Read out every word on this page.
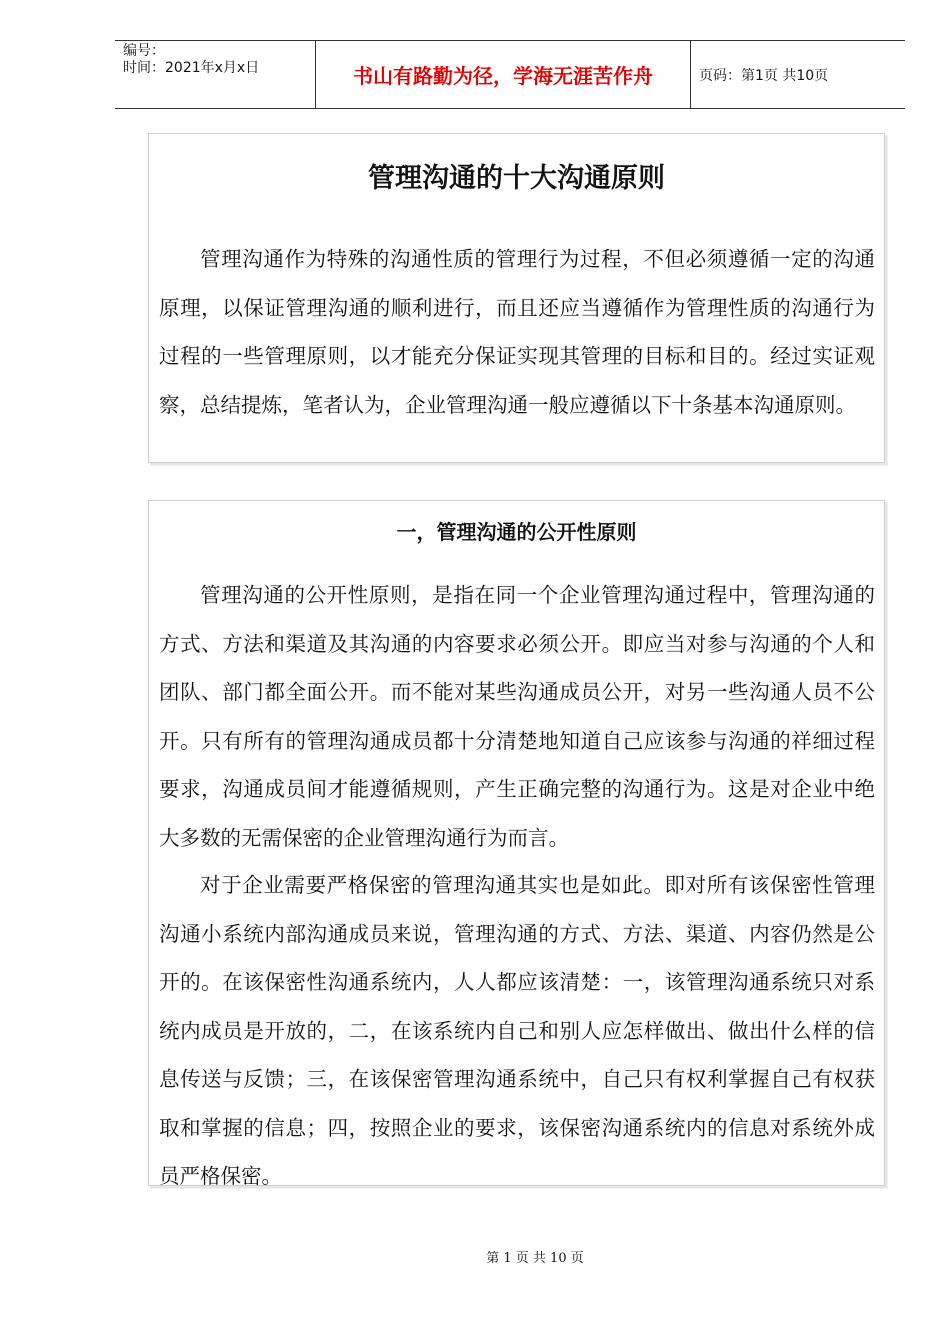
编号：
时间：2021年x月x日	书山有路勤为径，学海无涯苦作舟	页码：第1页 共10页
管理沟通的十大沟通原则

管理沟通作为特殊的沟通性质的管理行为过程，不但必须遵循一定的沟通原理，以保证管理沟通的顺利进行，而且还应当遵循作为管理性质的沟通行为过程的一些管理原则，以才能充分保证实现其管理的目标和目的。经过实证观察，总结提炼，笔者认为，企业管理沟通一般应遵循以下十条基本沟通原则。

一，管理沟通的公开性原则

管理沟通的公开性原则，是指在同一个企业管理沟通过程中，管理沟通的方式、方法和渠道及其沟通的内容要求必须公开。即应当对参与沟通的个人和团队、部门都全面公开。而不能对某些沟通成员公开，对另一些沟通人员不公开。只有所有的管理沟通成员都十分清楚地知道自己应该参与沟通的祥细过程要求，沟通成员间才能遵循规则，产生正确完整的沟通行为。这是对企业中绝大多数的无需保密的企业管理沟通行为而言。

对于企业需要严格保密的管理沟通其实也是如此。即对所有该保密性管理沟通小系统内部沟通成员来说，管理沟通的方式、方法、渠道、内容仍然是公开的。在该保密性沟通系统内，人人都应该清楚：一，该管理沟通系统只对系统内成员是开放的，二，在该系统内自己和别人应怎样做出、做出什么样的信息传送与反馈；三，在该保密管理沟通系统中，自己只有权利掌握自己有权获取和掌握的信息；四，按照企业的要求，该保密沟通系统内的信息对系统外成员严格保密。

第 1 页 共 10 页
